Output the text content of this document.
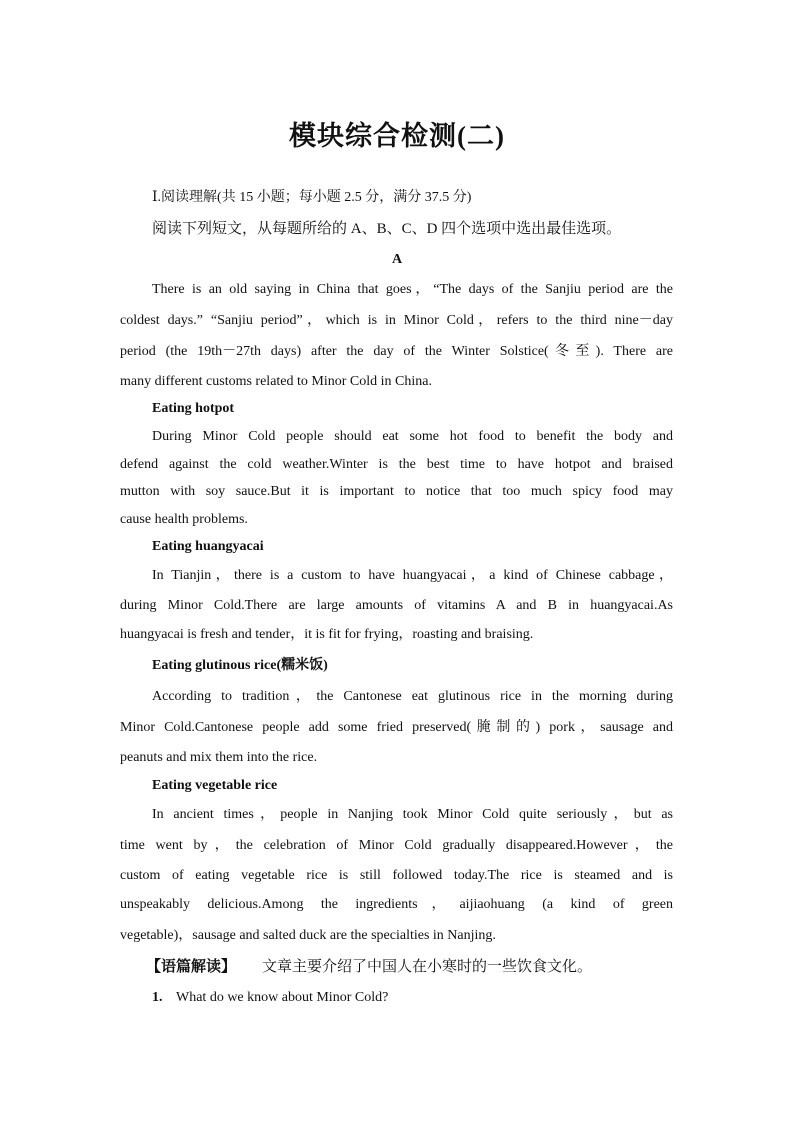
模块综合检测(二)
Ⅰ.阅读理解(共 15 小题；每小题 2.5 分，满分 37.5 分)
阅读下列短文，从每题所给的 A、B、C、D 四个选项中选出最佳选项。
A
There is an old saying in China that goes，“The days of the Sanjiu period are the
coldest days.” “Sanjiu period”，which is in Minor Cold，refers to the third nine－day
period (the 19th－27th days) after the day of the Winter Solstice(冬至). There are
many different customs related to Minor Cold in China.
Eating hotpot
During Minor Cold people should eat some hot food to benefit the body and
defend against the cold weather.Winter is the best time to have hotpot and braised
mutton with soy sauce.But it is important to notice that too much spicy food may
cause health problems.
Eating huangyacai
In Tianjin，there is a custom to have huangyacai，a kind of Chinese cabbage，
during Minor Cold.There are large amounts of vitamins A and B in huangyacai.As
huangyacai is fresh and tender，it is fit for frying，roasting and braising.
Eating glutinous rice(糯米饭)
According to tradition，the Cantonese eat glutinous rice in the morning during
Minor Cold.Cantonese people add some fried preserved(腌制的) pork，sausage and
peanuts and mix them into the rice.
Eating vegetable rice
In ancient times，people in Nanjing took Minor Cold quite seriously，but as
time went by，the celebration of Minor Cold gradually disappeared.However，the
custom of eating vegetable rice is still followed today.The rice is steamed and is
unspeakably delicious.Among the ingredients，aijiaohuang (a kind of green
vegetable)，sausage and salted duck are the specialties in Nanjing.
【语篇解读】 文章主要介绍了中国人在小寒时的一些饮食文化。
1. What do we know about Minor Cold?
